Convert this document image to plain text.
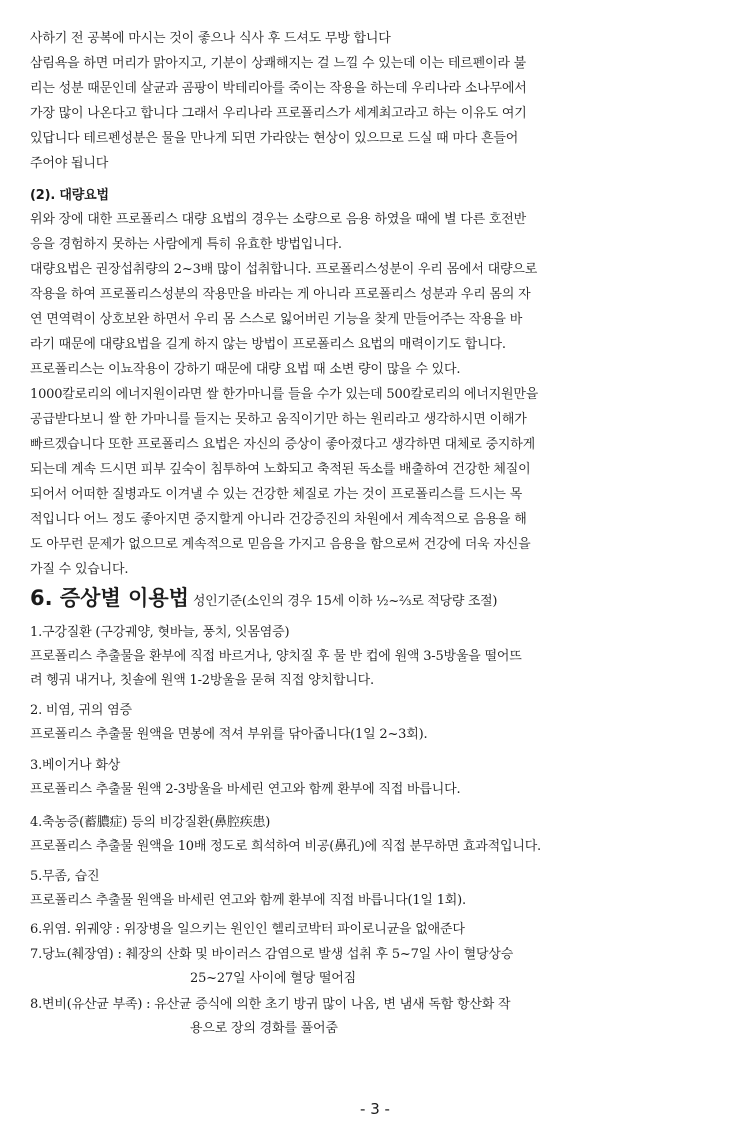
사하기 전 공복에 마시는 것이 좋으나 식사 후 드셔도 무방 합니다
삼림욕을 하면 머리가 맑아지고, 기분이 상쾌해지는 걸 느낄 수 있는데 이는 테르펜이라 불
리는 성분 때문인데 살균과 곰팡이 박테리아를 죽이는 작용을 하는데 우리나라 소나무에서
가장 많이 나온다고 합니다 그래서 우리나라 프로폴리스가 세계최고라고 하는 이유도 여기
있답니다 테르펜성분은 물을 만나게 되면 가라앉는 현상이 있으므로 드실 때 마다 흔들어
주어야 됩니다
(2). 대량요법
위와 장에 대한 프로폴리스 대량 요법의 경우는 소량으로 음용 하였을 때에 별 다른 호전반
응을 경험하지 못하는 사람에게 특히 유효한 방법입니다.
대량요법은 권장섭취량의 2~3배 많이 섭취합니다. 프로폴리스성분이 우리 몸에서 대량으로
작용을 하여 프로폴리스성분의 작용만을 바라는 게 아니라 프로폴리스 성분과 우리 몸의 자
연 면역력이 상호보완 하면서 우리 몸 스스로 잃어버린 기능을 찾게 만들어주는 작용을 바
라기 때문에 대량요법을 길게 하지 않는 방법이 프로폴리스 요법의 매력이기도 합니다.
프로폴리스는 이뇨작용이 강하기 때문에 대량 요법 때 소변 량이 많을 수 있다.
1000칼로리의 에너지원이라면 쌀 한가마니를 들을 수가 있는데 500칼로리의 에너지원만을
공급받다보니 쌀 한 가마니를 들지는 못하고 움직이기만 하는 원리라고 생각하시면 이해가
빠르겠습니다 또한 프로폴리스 요법은 자신의 증상이 좋아졌다고 생각하면 대체로 중지하게
되는데 계속 드시면 피부 깊숙이 침투하여 노화되고 축적된 독소를 배출하여 건강한 체질이
되어서 어떠한 질병과도 이겨낼 수 있는 건강한 체질로 가는 것이 프로폴리스를 드시는 목
적입니다 어느 정도 좋아지면 중지할게 아니라 건강증진의 차원에서 계속적으로 음용을 해
도 아무런 문제가 없으므로 계속적으로 믿음을 가지고 음용을 함으로써 건강에 더욱 자신을
가질 수 있습니다.
6. 증상별 이용법 성인기준(소인의 경우 15세 이하 ½~⅔로 적당량 조절)
1.구강질환 (구강궤양, 혓바늘, 풍치, 잇몸염증)
프로폴리스 추출물을 환부에 직접 바르거나, 양치질 후 물 반 컵에 원액 3-5방울을 떨어뜨
려 헹궈 내거나, 칫솔에 원액 1-2방울을 묻혀 직접 양치합니다.
2. 비염, 귀의 염증
프로폴리스 추출물 원액을 면봉에 적셔 부위를 닦아줍니다(1일 2~3회).
3.베이거나 화상
프로폴리스 추출물 원액 2-3방울을 바세린 연고와 함께 환부에 직접 바릅니다.
4.축농증(蓄膿症) 등의 비강질환(鼻腔疾患)
프로폴리스 추출물 원액을 10배 정도로 희석하여 비공(鼻孔)에 직접 분무하면 효과적입니다.
5.무좀, 습진
프로폴리스 추출물 원액을 바세린 연고와 함께 환부에 직접 바릅니다(1일 1회).
6.위염. 위궤양 : 위장병을 일으키는 원인인 헬리코박터 파이로니균을 없애준다
7.당뇨(췌장염) : 췌장의 산화 및 바이러스 감염으로 발생 섭취 후 5~7일 사이 혈당상승
25~27일 사이에 혈당 떨어짐
8.변비(유산균 부족) : 유산균 증식에 의한 초기 방귀 많이 나옴, 변 냄새 독함 항산화 작
용으로 장의 경화를 풀어줌
- 3 -
